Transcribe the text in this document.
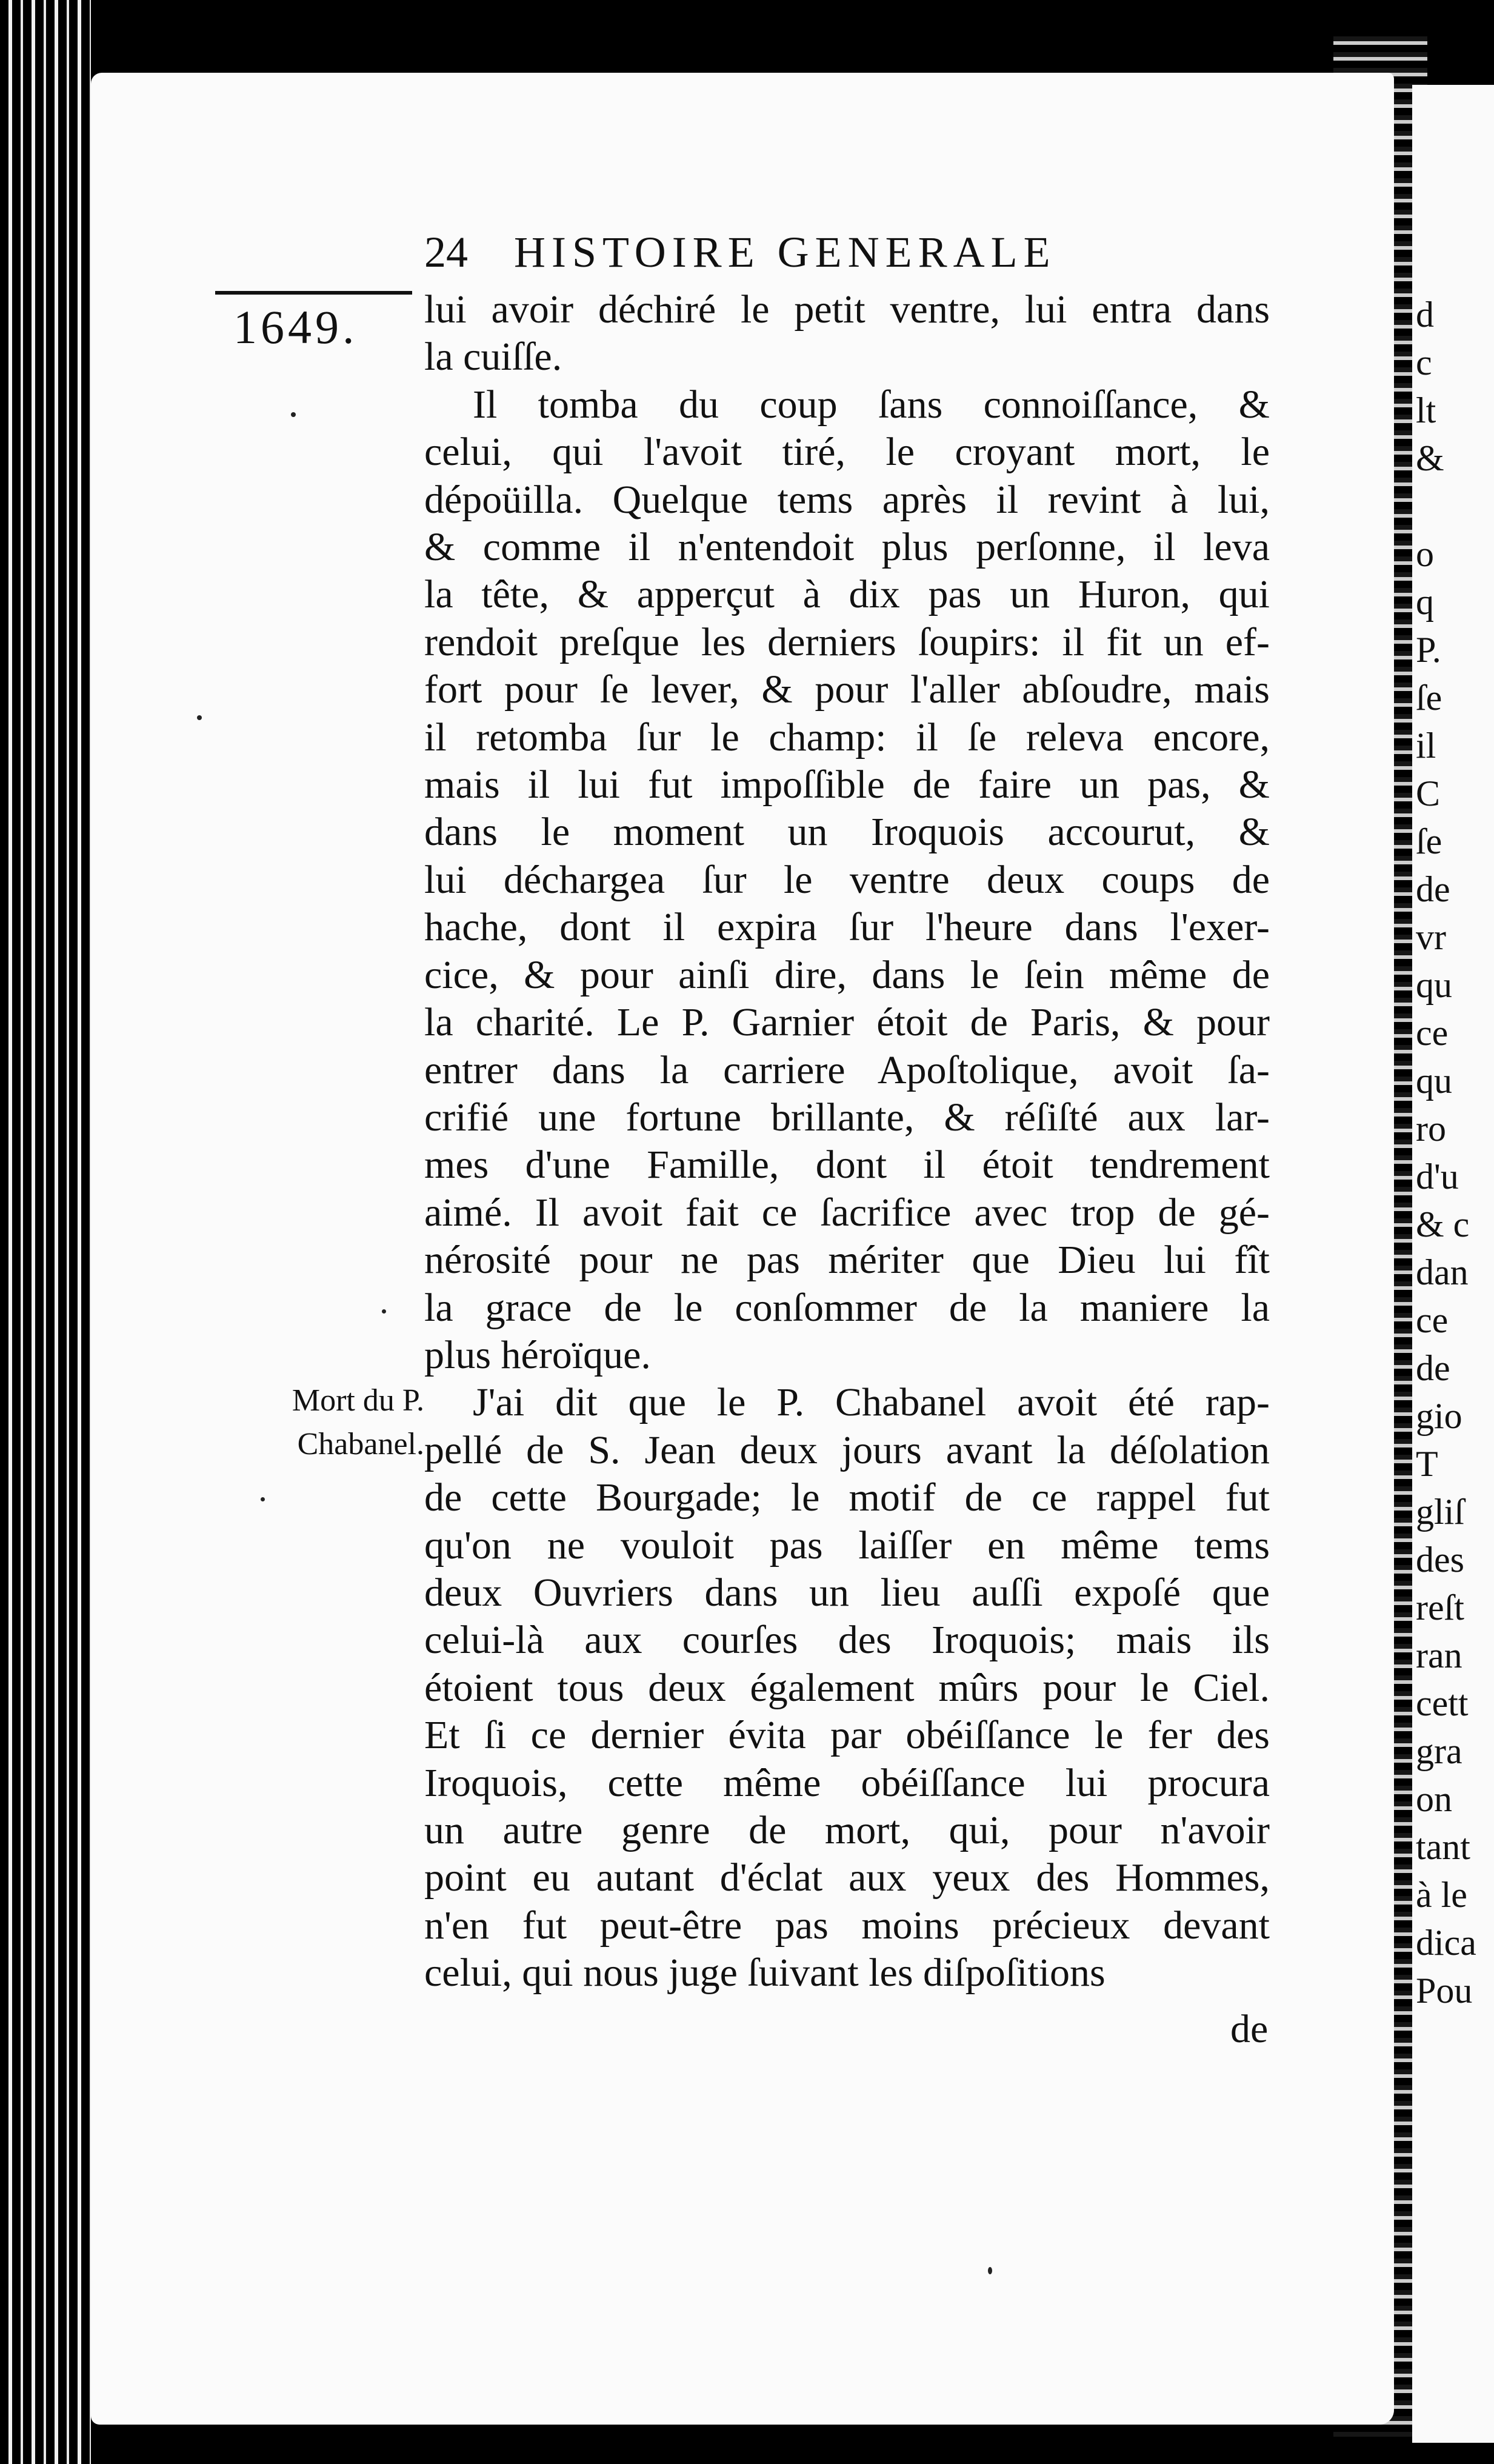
d
c
lt
&

o
q
P.
ſe
il
C
ſe
de
vr
qu
ce
qu
ro
d'u
& c
dan
ce
de
gio
T
gliſ
des
reſt
ran
cett
gra
on
tant
à le
dica
Pou
24 HISTOIRE GENERALE
1649.
Mort du P.
Chabanel.
lui avoir déchiré le petit ventre, lui entra dans
la cuiſſe.
Il tomba du coup ſans connoiſſance, &
celui, qui l'avoit tiré, le croyant mort, le
dépoüilla. Quelque tems après il revint à lui,
& comme il n'entendoit plus perſonne, il leva
la tête, & apperçut à dix pas un Huron, qui
rendoit preſque les derniers ſoupirs: il fit un ef-
fort pour ſe lever, & pour l'aller abſoudre, mais
il retomba ſur le champ: il ſe releva encore,
mais il lui fut impoſſible de faire un pas, &
dans le moment un Iroquois accourut, &
lui déchargea ſur le ventre deux coups de
hache, dont il expira ſur l'heure dans l'exer-
cice, & pour ainſi dire, dans le ſein même de
la charité. Le P. Garnier étoit de Paris, & pour
entrer dans la carriere Apoſtolique, avoit ſa-
crifié une fortune brillante, & réſiſté aux lar-
mes d'une Famille, dont il étoit tendrement
aimé. Il avoit fait ce ſacrifice avec trop de gé-
nérosité pour ne pas mériter que Dieu lui fît
la grace de le conſommer de la maniere la
plus héroïque.
J'ai dit que le P. Chabanel avoit été rap-
pellé de S. Jean deux jours avant la déſolation
de cette Bourgade; le motif de ce rappel fut
qu'on ne vouloit pas laiſſer en même tems
deux Ouvriers dans un lieu auſſi expoſé que
celui-là aux courſes des Iroquois; mais ils
étoient tous deux également mûrs pour le Ciel.
Et ſi ce dernier évita par obéiſſance le fer des
Iroquois, cette même obéiſſance lui procura
un autre genre de mort, qui, pour n'avoir
point eu autant d'éclat aux yeux des Hommes,
n'en fut peut-être pas moins précieux devant
celui, qui nous juge ſuivant les diſpoſitions
de
